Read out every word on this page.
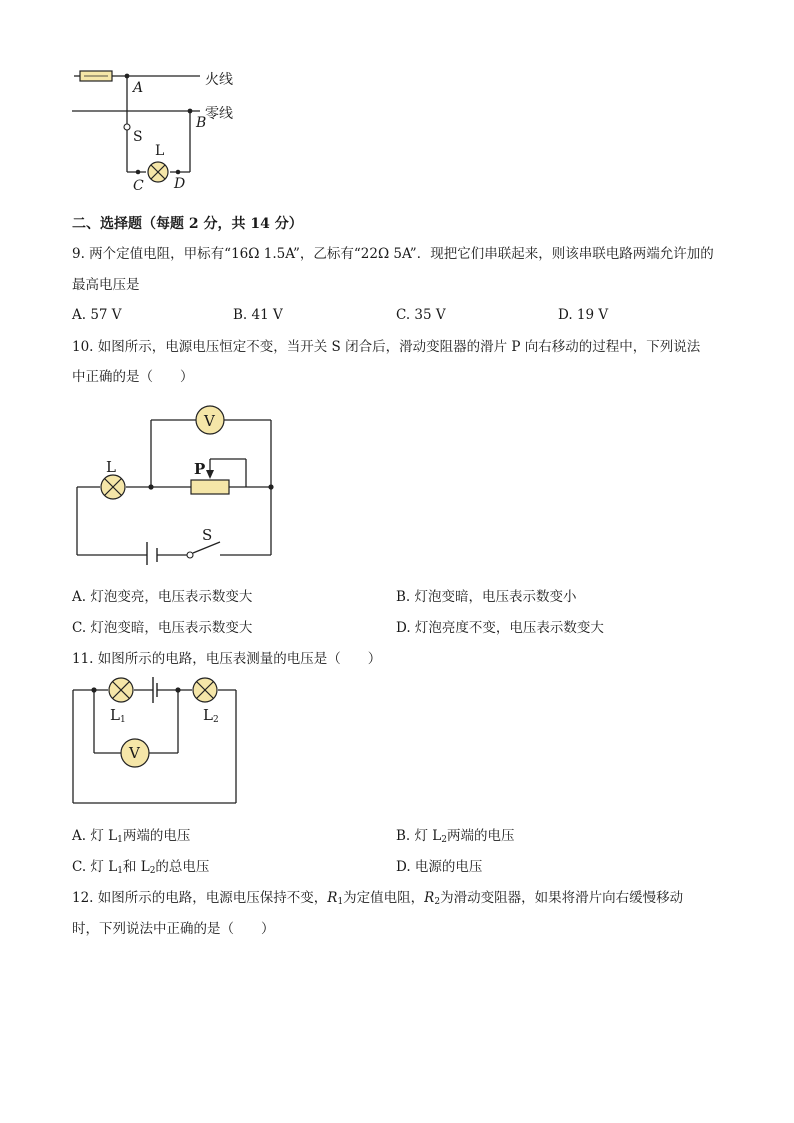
火线
零线
A
B
S
L
C D
二、选择题（每题 2 分，共 14 分）
9. 两个定值电阻，甲标有“16Ω 1.5A”，乙标有“22Ω 5A”．现把它们串联起来，则该串联电路两端允许加的
最高电压是
A. 57 V	B. 41 V	C. 35 V	D. 19 V
10. 如图所示，电源电压恒定不变，当开关 S 闭合后，滑动变阻器的滑片 P 向右移动的过程中，下列说法
中正确的是（　　）
V
L	P
S
A. 灯泡变亮，电压表示数变大	B. 灯泡变暗，电压表示数变小
C. 灯泡变暗，电压表示数变大	D. 灯泡亮度不变，电压表示数变大
11. 如图所示的电路，电压表测量的电压是（　　）
$L_1$	$L_2$
V
A. 灯 $L_1$两端的电压	B. 灯 $L_2$两端的电压
C. 灯 $L_1$和 $L_2$的总电压	D. 电源的电压
12. 如图所示的电路，电源电压保持不变，$R_1$为定值电阻，$R_2$为滑动变阻器，如果将滑片向右缓慢移动
时，下列说法中正确的是（　　）
